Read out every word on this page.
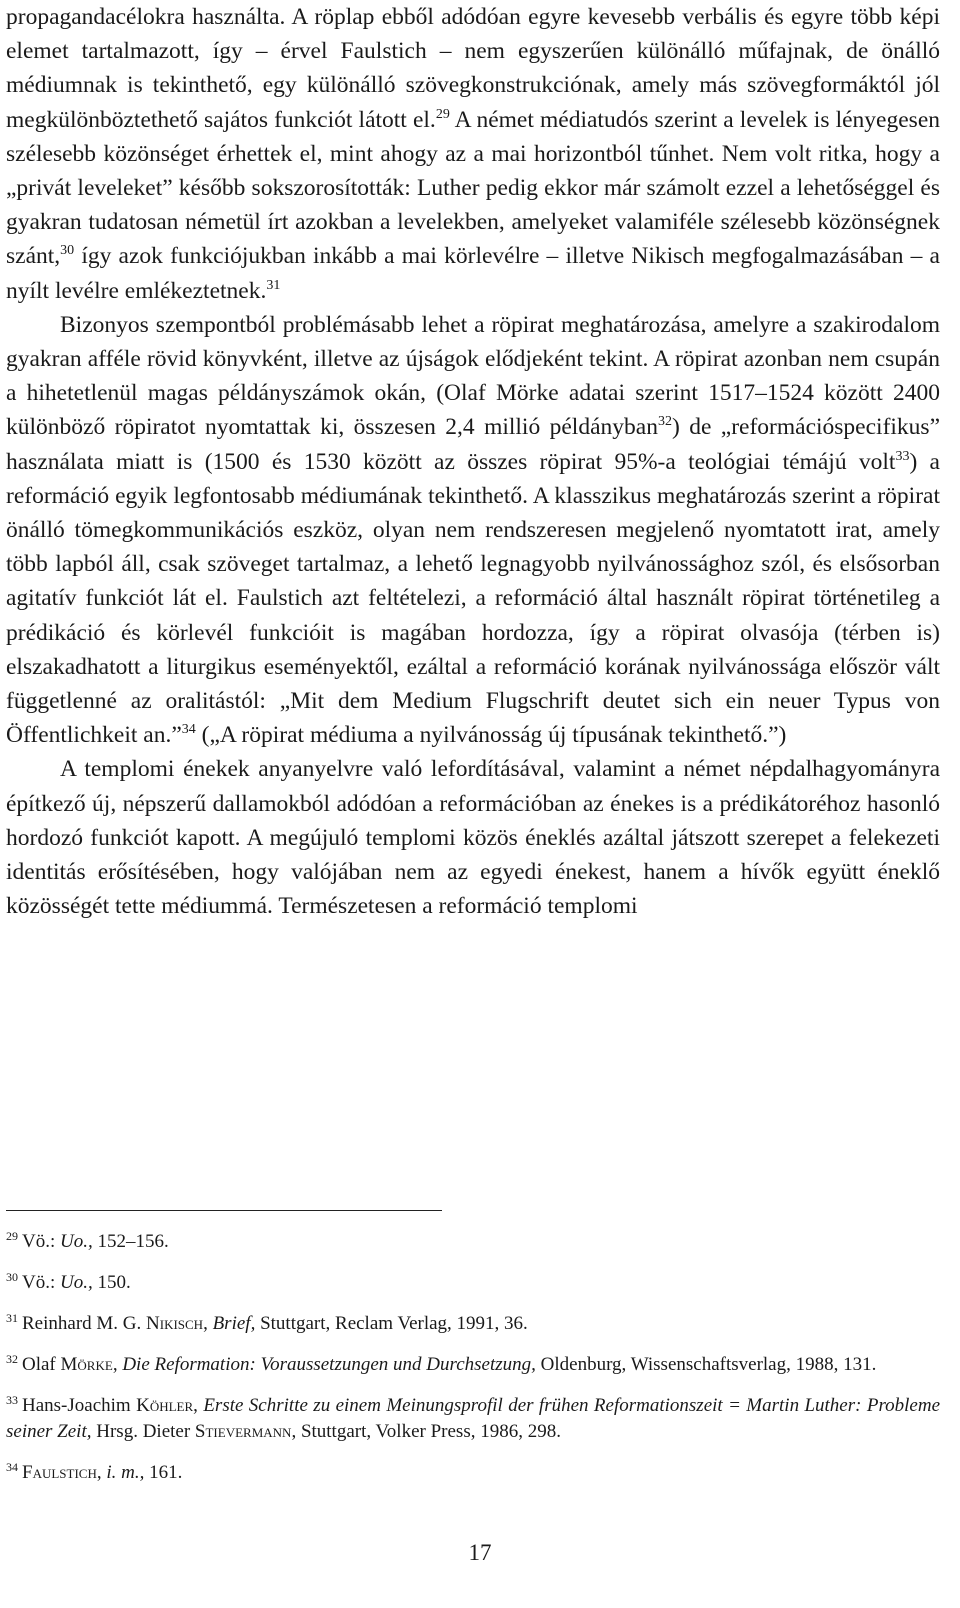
propagandacélokra használta. A röplap ebből adódóan egyre kevesebb verbális és egyre több képi elemet tartalmazott, így – érvel Faulstich – nem egyszerűen különálló műfajnak, de önálló médiumnak is tekinthető, egy különálló szövegkonstrukciónak, amely más szövegformáktól jól megkülönböztethető sajátos funkciót látott el.$^{29}$ A német médiatudós szerint a levelek is lényegesen szélesebb közönséget érhettek el, mint ahogy az a mai horizontból tűnhet. Nem volt ritka, hogy a „privát leveleket” később sokszorosították: Luther pedig ekkor már számolt ezzel a lehetőséggel és gyakran tudatosan németül írt azokban a levelekben, amelyeket valamiféle szélesebb közönségnek szánt,$^{30}$ így azok funkciójukban inkább a mai körlevélre – illetve Nikisch megfogalmazásában – a nyílt levélre emlékeztetnek.$^{31}$

Bizonyos szempontból problémásabb lehet a röpirat meghatározása, amelyre a szakirodalom gyakran afféle rövid könyvként, illetve az újságok elődjeként tekint. A röpirat azonban nem csupán a hihetetlenül magas példányszámok okán, (Olaf Mörke adatai szerint 1517–1524 között 2400 különböző röpiratot nyomtattak ki, összesen 2,4 millió példányban$^{32}$) de „reformációspecifikus” használata miatt is (1500 és 1530 között az összes röpirat 95%-a teológiai témájú volt$^{33}$) a reformáció egyik legfontosabb médiumának tekinthető. A klasszikus meghatározás szerint a röpirat önálló tömegkommunikációs eszköz, olyan nem rendszeresen megjelenő nyomtatott irat, amely több lapból áll, csak szöveget tartalmaz, a lehető legnagyobb nyilvánossághoz szól, és elsősorban agitatív funkciót lát el. Faulstich azt feltételezi, a reformáció által használt röpirat történetileg a prédikáció és körlevél funkcióit is magában hordozza, így a röpirat olvasója (térben is) elszakadhatott a liturgikus eseményektől, ezáltal a reformáció korának nyilvánossága először vált függetlenné az oralitástól: „Mit dem Medium Flugschrift deutet sich ein neuer Typus von Öffentlichkeit an.”$^{34}$ („A röpirat médiuma a nyilvánosság új típusának tekinthető.”)

A templomi énekek anyanyelvre való lefordításával, valamint a német népdalhagyományra építkező új, népszerű dallamokból adódóan a reformációban az énekes is a prédikátoréhoz hasonló hordozó funkciót kapott. A megújuló templomi közös éneklés azáltal játszott szerepet a felekezeti identitás erősítésében, hogy valójában nem az egyedi énekest, hanem a hívők együtt éneklő közösségét tette médiummá. Természetesen a reformáció templomi

$^{29}$ Vö.: Uo., 152–156.

$^{30}$ Vö.: Uo., 150.

$^{31}$ Reinhard M. G. Nikisch, Brief, Stuttgart, Reclam Verlag, 1991, 36.

$^{32}$ Olaf Mörke, Die Reformation: Voraussetzungen und Durchsetzung, Oldenburg, Wissenschaftsverlag, 1988, 131.

$^{33}$ Hans-Joachim Köhler, Erste Schritte zu einem Meinungsprofil der frühen Reformationszeit = Martin Luther: Probleme seiner Zeit, Hrsg. Dieter Stievermann, Stuttgart, Volker Press, 1986, 298.

$^{34}$ Faulstich, i. m., 161.

17
